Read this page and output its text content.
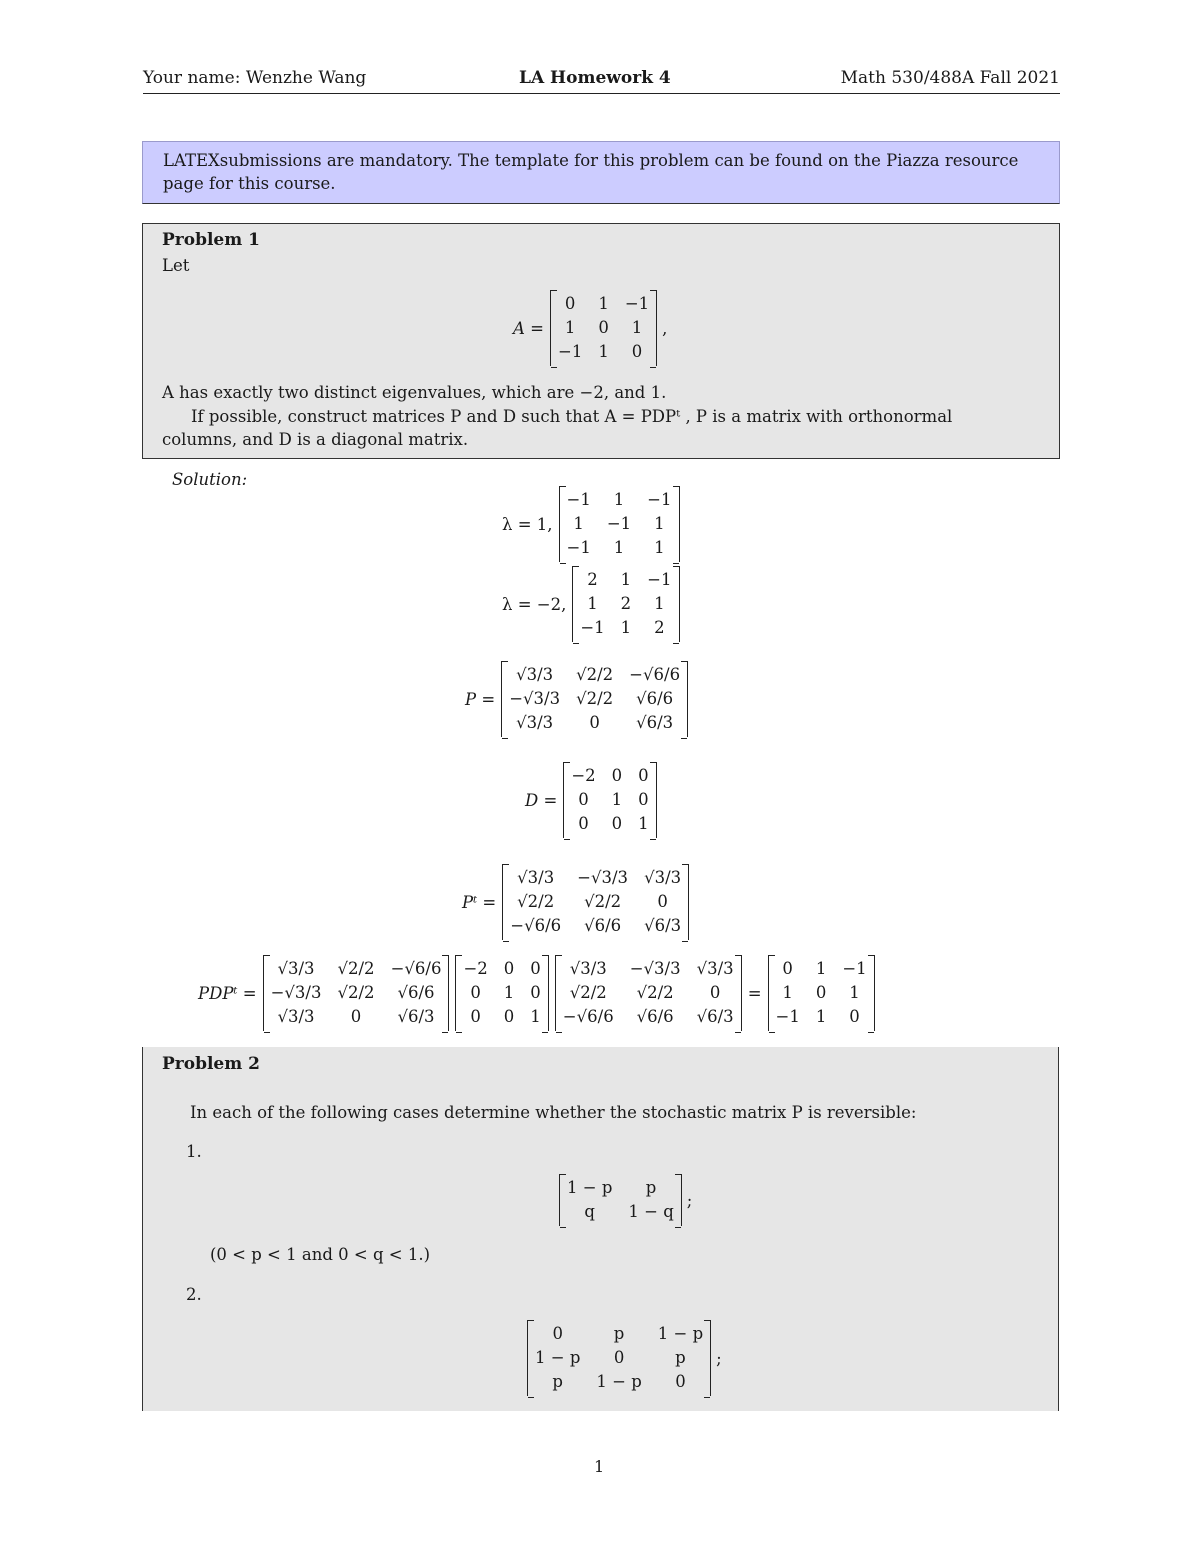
Your name: Wenzhe Wang	LA Homework 4	Math 530/488A Fall 2021
LATEXsubmissions are mandatory. The template for this problem can be found on the Piazza resource page for this course.
Problem 1
Let
A =
0	1 −1
1	0	1
−1 1	0
,
A has exactly two distinct eigenvalues, which are −2, and 1.
If possible, construct matrices P and D such that A = PDPᵗ , P is a matrix with orthonormal
columns, and D is a diagonal matrix.
Solution:
λ = 1,
−1	1	−1
1	−1	1
−1	1	1
λ = −2,
2	1 −1
1	2	1
−1 1	2
P =
√3/3	√2/2 −√6/6
−√3/3 √2/2	√6/6
√3/3	0	√6/3
D =
−2 0 0
0	1 0
0	0 1
Pᵗ =
√3/3	−√3/3 √3/3
√2/2	√2/2	0
−√6/6	√6/6	√6/3
PDPᵗ =
√3/3	√2/2 −√6/6
−√3/3 √2/2	√6/6
√3/3	0	√6/3
−2 0 0
0	1 0
0	0 1
√3/3	−√3/3 √3/3
√2/2	√2/2	0
−√6/6	√6/6	√6/3
=
0	1 −1
1	0	1
−1 1	0
Problem 2
In each of the following cases determine whether the stochastic matrix P is reversible:
1.
1 − p	p
q	1 − q
;
(0 < p < 1 and 0 < q < 1.)
2.
0	p	1 − p
1 − p	0	p
p	1 − p	0
;
1
